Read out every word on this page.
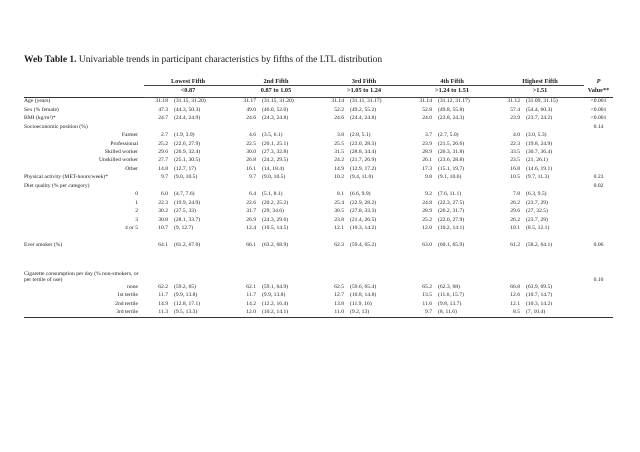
Web Table 1. Univariable trends in participant characteristics by fifths of the LTL distribution
	Lowest Fifth		2nd Fifth		3rd Fifth		4th Fifth		Highest Fifth		P
	<0.87		0.87 to 1.05		>1.05 to 1.24		>1.24 to 1.51		>1.51		Value**
Age (years)	31.18	(31.15, 31.20)	31.17	(31.15, 31.20)	31.14	(31.11, 31.17)	31.14	(31.12, 31.17)	31.12	(31.09, 31.15)	<0.001
Sex (% female)	47.3	(44.3, 50.3)	49.0	(46.0, 52.0)	52.2	(49.2, 55.2)	52.8	(49.8, 55.8)	57.4	(54.4, 60.3)	<0.001
BMI (kg/m²)*	24.7	(24.4, 24.9)	24.6	(24.3, 24.8)	24.6	(24.4, 24.8)	24.0	(23.8, 24.3)	23.9	(23.7, 24.2)	<0.001
Socioeconomic position (%)											0.14
Farmer	2.7	(1.9, 3.9)	4.6	(3.5, 6.1)	3.8	(2.8, 5.1)	3.7	(2.7, 5.0)	4.0	(3.0, 5.3)	
Professional	25.2	(22.6, 27.9)	22.5	(20.1, 25.1)	25.5	(23.0, 28.3)	23.9	(21.5, 26.6)	22.3	(19.8, 24.9)	
Skilled worker	29.6	(26.9, 32.4)	30.0	(27.3, 32.8)	31.5	(28.8, 34.4)	28.9	(26.3, 31.8)	33.5	(30.7, 36.4)	
Unskilled worker	27.7	(25.1, 30.5)	26.8	(24.2, 29.5)	24.2	(21.7, 26.9)	26.1	(23.6, 28.8)	23.5	(21, 26.1)	
Other	14.8	(12.7, 17)	16.1	(14, 18.4)	14.9	(12.9, 17.2)	17.3	(15.1, 19.7)	16.8	(14.6, 19.1)	
Physical activity (MET-hours/week)*	9.7	(9.0, 10.5)	9.7	(9.0, 10.5)	10.2	(9.4, 11.0)	9.8	(9.1, 10.6)	10.5	(9.7, 11.3)	0.23
Diet quality (% per category)											0.02
0	6.0	(4.7, 7.6)	6.4	(5.1, 8.1)	8.1	(6.6, 9.9)	9.2	(7.6, 11.1)	7.8	(6.3, 9.5)	
1	22.3	(19.9, 24.9)	22.6	(20.2, 25.2)	25.4	(22.9, 28.2)	24.8	(22.3, 27.5)	26.2	(23.7, 29)	
2	30.2	(27.5, 33)	31.7	(29, 34.6)	30.5	(27.8, 33.3)	28.9	(26.2, 31.7)	29.6	(27, 32.5)	
3	30.8	(28.1, 33.7)	26.9	(24.3, 29.6)	23.8	(21.4, 26.5)	25.2	(22.6, 27.9)	26.2	(23.7, 29)	
4 or 5	10.7	(9, 12.7)	12.4	(10.5, 14.5)	12.1	(10.3, 14.2)	12.0	(10.2, 14.1)	10.1	(8.5, 12.1)	

Ever smoker (%)	64.1	(61.2, 67.0)	66.1	(63.2, 68.9)	62.3	(59.4, 65.2)	63.0	(60.1, 65.9)	61.2	(58.2, 64.1)	0.06

Cigarette consumption per day (% non-smokers, or per tertile of use)											0.10
none	62.2	(59.2, 65)	62.1	(59.1, 64.9)	62.5	(59.6, 65.4)	65.2	(62.3, 68)	66.8	(63.9, 69.5)	
1st tertile	11.7	(9.9, 13.8)	11.7	(9.9, 13.8)	12.7	(10.8, 14.8)	13.5	(11.6, 15.7)	12.6	(10.7, 14.7)	
2nd tertile	14.9	(12.8, 17.1)	14.2	(12.2, 16.4)	13.8	(11.9, 16)	11.6	(9.8, 13.7)	12.1	(10.3, 14.2)	
3rd tertile	11.3	(9.5, 13.3)	12.0	(10.2, 14.1)	11.0	(9.2, 13)	9.7	(8, 11.6)	8.5	(7, 10.4)	
